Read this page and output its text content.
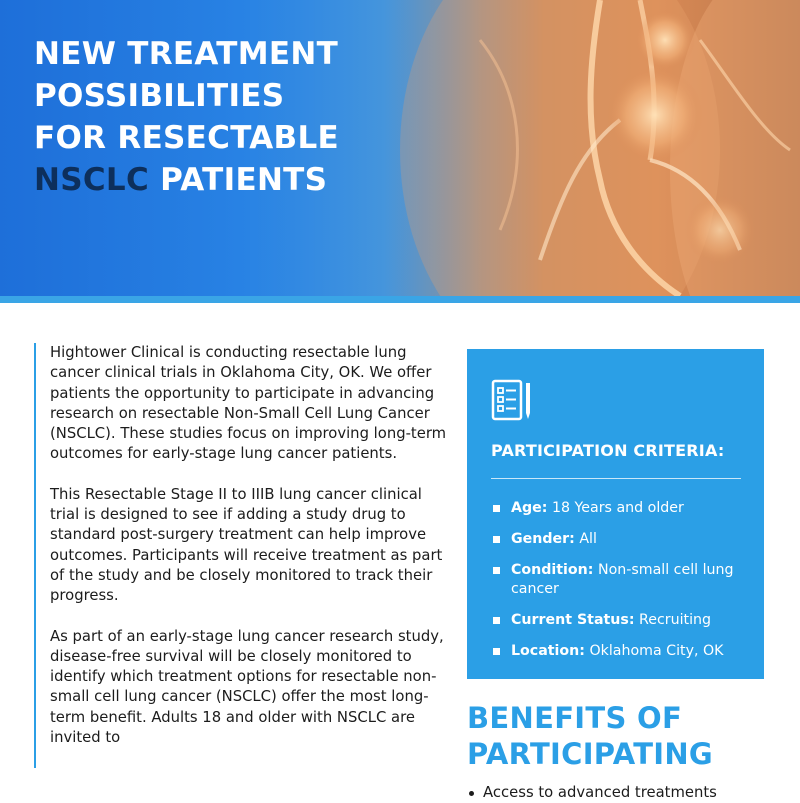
NEW TREATMENT
POSSIBILITIES
FOR RESECTABLE
NSCLC PATIENTS

Hightower Clinical is conducting resectable lung cancer clinical trials in Oklahoma City, OK. We offer patients the opportunity to participate in advancing research on resectable Non-Small Cell Lung Cancer (NSCLC). These studies focus on improving long-term outcomes for early-stage lung cancer patients.

This Resectable Stage II to IIIB lung cancer clinical trial is designed to see if adding a study drug to standard post-surgery treatment can help improve outcomes. Participants will receive treatment as part of the study and be closely monitored to track their progress.

As part of an early-stage lung cancer research study, disease-free survival will be closely monitored to identify which treatment options for resectable non-small cell lung cancer (NSCLC) offer the most long-term benefit. Adults 18 and older with NSCLC are invited to

PARTICIPATION CRITERIA:
Age: 18 Years and older
Gender: All
Condition: Non-small cell lung cancer
Current Status: Recruiting
Location: Oklahoma City, OK
BENEFITS OF
PARTICIPATING
Access to advanced treatments
